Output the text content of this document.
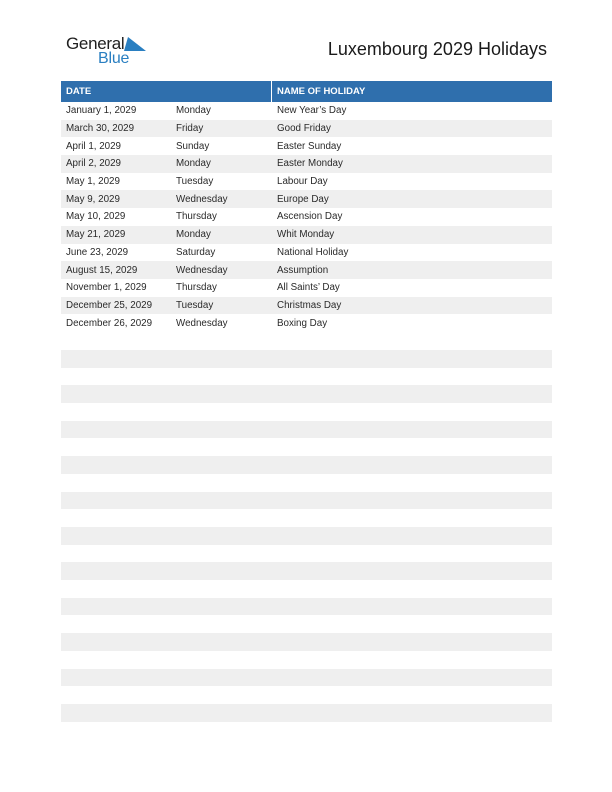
General
Blue	Luxembourg 2029 Holidays
DATE	NAME OF HOLIDAY
January 1, 2029	Monday	New Year’s Day
March 30, 2029	Friday	Good Friday
April 1, 2029	Sunday	Easter Sunday
April 2, 2029	Monday	Easter Monday
May 1, 2029	Tuesday	Labour Day
May 9, 2029	Wednesday	Europe Day
May 10, 2029	Thursday	Ascension Day
May 21, 2029	Monday	Whit Monday
June 23, 2029	Saturday	National Holiday
August 15, 2029	Wednesday	Assumption
November 1, 2029	Thursday	All Saints’ Day
December 25, 2029	Tuesday	Christmas Day
December 26, 2029	Wednesday	Boxing Day
